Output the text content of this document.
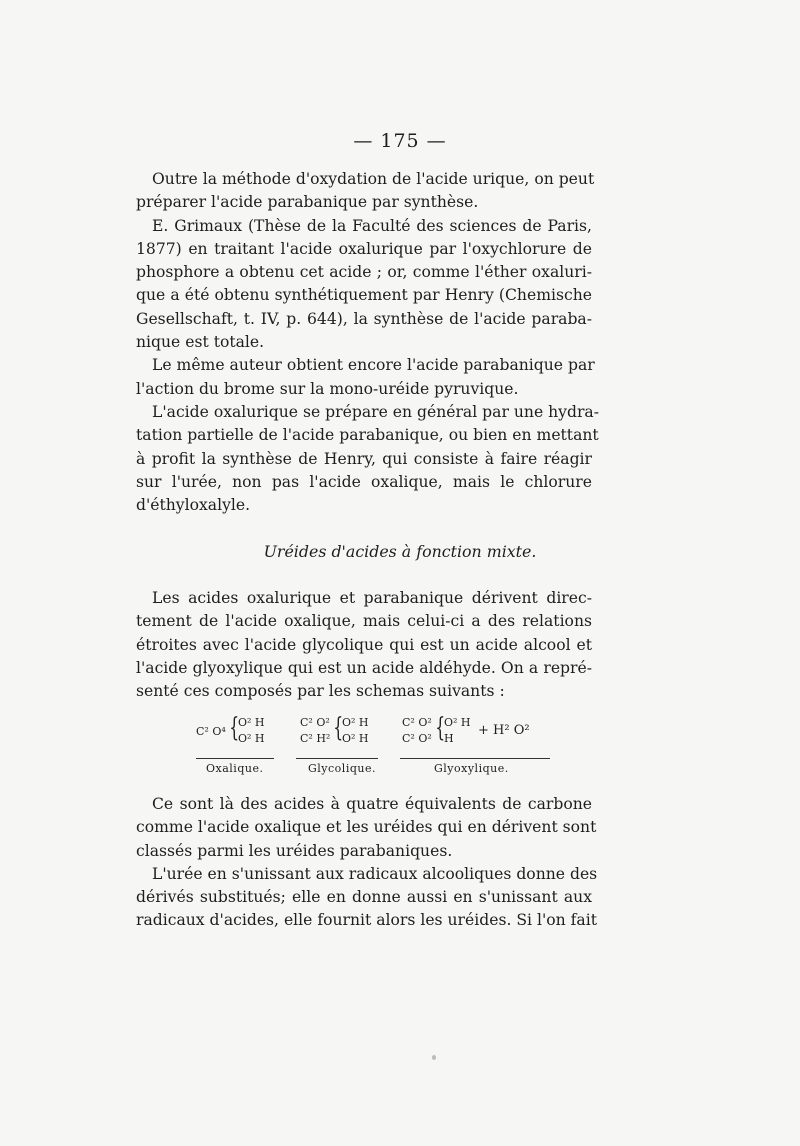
— 175 —
Outre la méthode d'oxydation de l'acide urique, on peut
préparer l'acide parabanique par synthèse.
E. Grimaux (Thèse de la Faculté des sciences de Paris,
1877) en traitant l'acide oxalurique par l'oxychlorure de
phosphore a obtenu cet acide ; or, comme l'éther oxaluri-
que a été obtenu synthétiquement par Henry (Chemische
Gesellschaft, t. IV, p. 644), la synthèse de l'acide paraba-
nique est totale.
Le même auteur obtient encore l'acide parabanique par
l'action du brome sur la mono-uréide pyruvique.
L'acide oxalurique se prépare en général par une hydra-
tation partielle de l'acide parabanique, ou bien en mettant
à profit la synthèse de Henry, qui consiste à faire réagir
sur l'urée, non pas l'acide oxalique, mais le chlorure
d'éthyloxalyle.
Uréides d'acides à fonction mixte.
Les acides oxalurique et parabanique dérivent direc-
tement de l'acide oxalique, mais celui-ci a des relations
étroites avec l'acide glycolique qui est un acide alcool et
l'acide glyoxylique qui est un acide aldéhyde. On a repré-
senté ces composés par les schemas suivants :
C² O⁴ {
O² H
O² H
Oxalique.
C² O²
C² H² {
O² H
O² H
Glycolique.
C² O²
C² O² {
O² H
H
+ H² O²
Glyoxylique.
Ce sont là des acides à quatre équivalents de carbone
comme l'acide oxalique et les uréides qui en dérivent sont
classés parmi les uréides parabaniques.
L'urée en s'unissant aux radicaux alcooliques donne des
dérivés substitués; elle en donne aussi en s'unissant aux
radicaux d'acides, elle fournit alors les uréides. Si l'on fait
